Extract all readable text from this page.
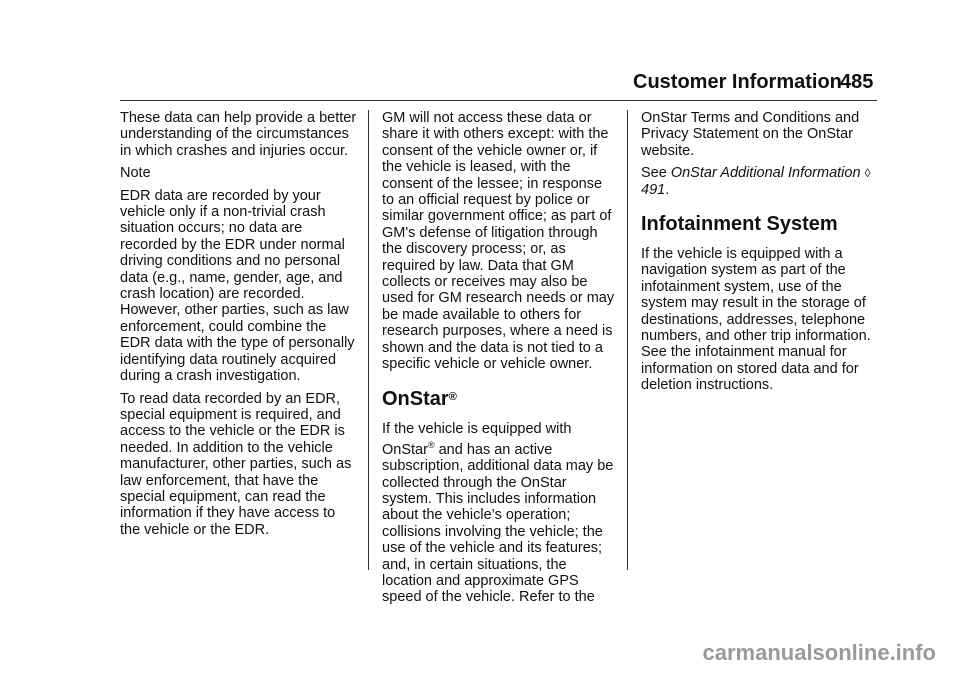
Customer Information
485

These data can help provide a better understanding of the circumstances in which crashes and injuries occur.

Note

EDR data are recorded by your vehicle only if a non-trivial crash situation occurs; no data are recorded by the EDR under normal driving conditions and no personal data (e.g., name, gender, age, and crash location) are recorded. However, other parties, such as law enforcement, could combine the EDR data with the type of personally identifying data routinely acquired during a crash investigation.

To read data recorded by an EDR, special equipment is required, and access to the vehicle or the EDR is needed. In addition to the vehicle manufacturer, other parties, such as law enforcement, that have the special equipment, can read the information if they have access to the vehicle or the EDR.

GM will not access these data or share it with others except: with the consent of the vehicle owner or, if the vehicle is leased, with the consent of the lessee; in response to an official request by police or similar government office; as part of GM's defense of litigation through the discovery process; or, as required by law. Data that GM collects or receives may also be used for GM research needs or may be made available to others for research purposes, where a need is shown and the data is not tied to a specific vehicle or vehicle owner.

OnStar®

If the vehicle is equipped with OnStar® and has an active subscription, additional data may be collected through the OnStar system. This includes information about the vehicle’s operation; collisions involving the vehicle; the use of the vehicle and its features; and, in certain situations, the location and approximate GPS speed of the vehicle. Refer to the

OnStar Terms and Conditions and Privacy Statement on the OnStar website.

See OnStar Additional Information ◊ 491.

Infotainment System

If the vehicle is equipped with a navigation system as part of the infotainment system, use of the system may result in the storage of destinations, addresses, telephone numbers, and other trip information. See the infotainment manual for information on stored data and for deletion instructions.

carmanualsonline.info
